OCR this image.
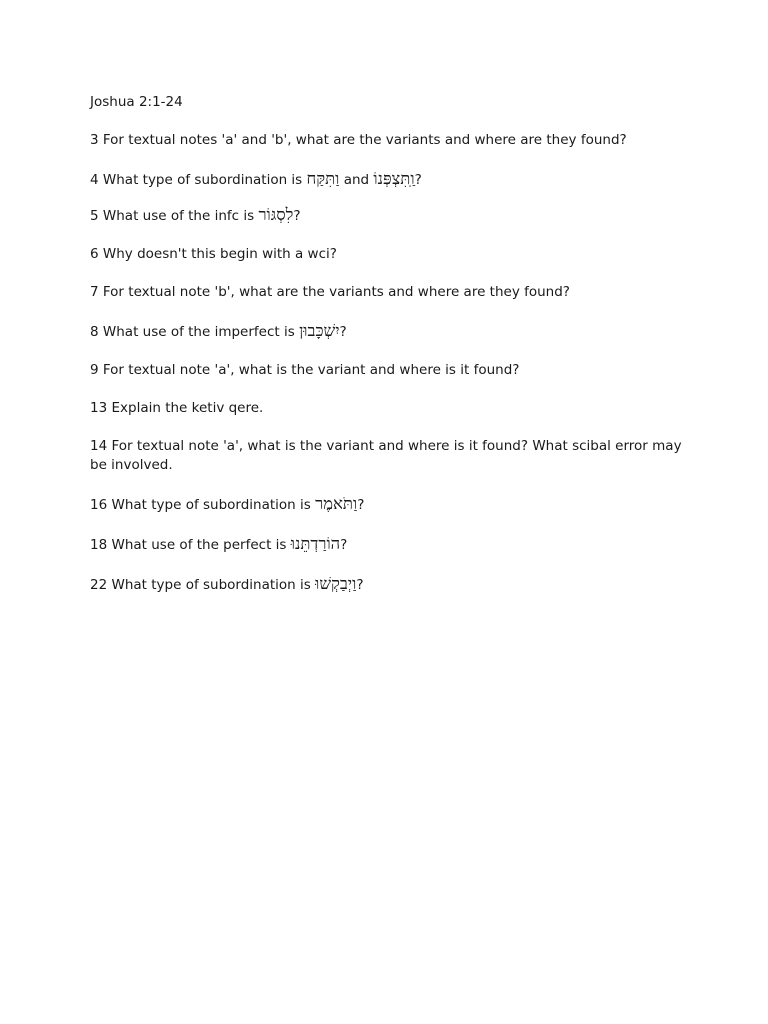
Joshua 2:1-24

3 For textual notes 'a' and 'b', what are the variants and where are they found?

4 What type of subordination is וַתִּקַּח and וַֽתִּצְפְּנוֹ?

5 What use of the infc is לִסְגּוֹר?

6 Why doesn't this begin with a wci?

7 For textual note 'b', what are the variants and where are they found?

8 What use of the imperfect is יִשְׁכָּבוּן?

9 For textual note 'a', what is the variant and where is it found?

13 Explain the ketiv qere.

14 For textual note 'a', what is the variant and where is it found? What scibal error may be involved.

16 What type of subordination is וַתֹּאמֶר?

18 What use of the perfect is הוֹרַדְתֵּנוּ?

22 What type of subordination is וַיְבַקְשׁוּ?
